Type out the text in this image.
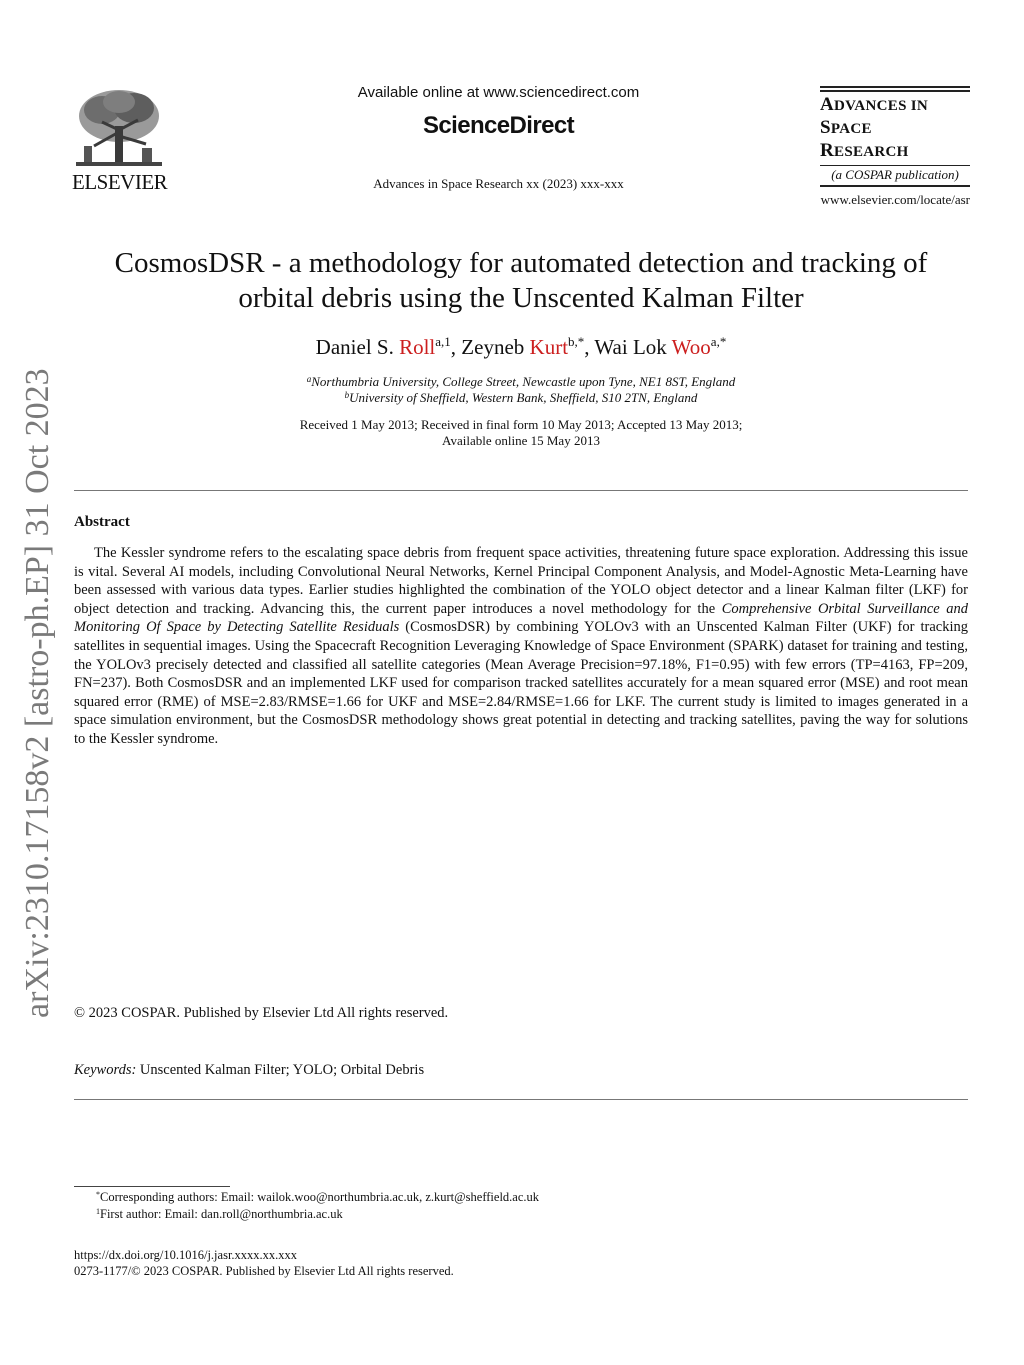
ELSEVIER
Available online at www.sciencedirect.com
ScienceDirect
Advances in Space Research xx (2023) xxx-xxx
ADVANCES IN
SPACE
RESEARCH
(a COSPAR publication)
www.elsevier.com/locate/asr
CosmosDSR - a methodology for automated detection and tracking of
orbital debris using the Unscented Kalman Filter
Daniel S. Roll$^{a,1}$, Zeyneb Kurt$^{b,*}$, Wai Lok Woo$^{a,*}$
$^a$Northumbria University, College Street, Newcastle upon Tyne, NE1 8ST, England
$^b$University of Sheffield, Western Bank, Sheffield, S10 2TN, England
Received 1 May 2013; Received in final form 10 May 2013; Accepted 13 May 2013;
Available online 15 May 2013
Abstract
The Kessler syndrome refers to the escalating space debris from frequent space activities, threatening future space exploration. Addressing this issue is vital. Several AI models, including Convolutional Neural Networks, Kernel Principal Component Analysis, and Model-Agnostic Meta-Learning have been assessed with various data types. Earlier studies highlighted the combination of the YOLO object detector and a linear Kalman filter (LKF) for object detection and tracking. Advancing this, the current paper introduces a novel methodology for the Comprehensive Orbital Surveillance and Monitoring Of Space by Detecting Satellite Residuals (CosmosDSR) by combining YOLOv3 with an Unscented Kalman Filter (UKF) for tracking satellites in sequential images. Using the Spacecraft Recognition Leveraging Knowledge of Space Environment (SPARK) dataset for training and testing, the YOLOv3 precisely detected and classified all satellite categories (Mean Average Precision=97.18%, F1=0.95) with few errors (TP=4163, FP=209, FN=237). Both CosmosDSR and an implemented LKF used for comparison tracked satellites accurately for a mean squared error (MSE) and root mean squared error (RME) of MSE=2.83/RMSE=1.66 for UKF and MSE=2.84/RMSE=1.66 for LKF. The current study is limited to images generated in a space simulation environment, but the CosmosDSR methodology shows great potential in detecting and tracking satellites, paving the way for solutions to the Kessler syndrome.
© 2023 COSPAR. Published by Elsevier Ltd All rights reserved.
Keywords: Unscented Kalman Filter; YOLO; Orbital Debris
*Corresponding authors: Email: wailok.woo@northumbria.ac.uk, z.kurt@sheffield.ac.uk
$^1$First author: Email: dan.roll@northumbria.ac.uk
https://dx.doi.org/10.1016/j.jasr.xxxx.xx.xxx
0273-1177/© 2023 COSPAR. Published by Elsevier Ltd All rights reserved.
arXiv:2310.17158v2 [astro-ph.EP] 31 Oct 2023
